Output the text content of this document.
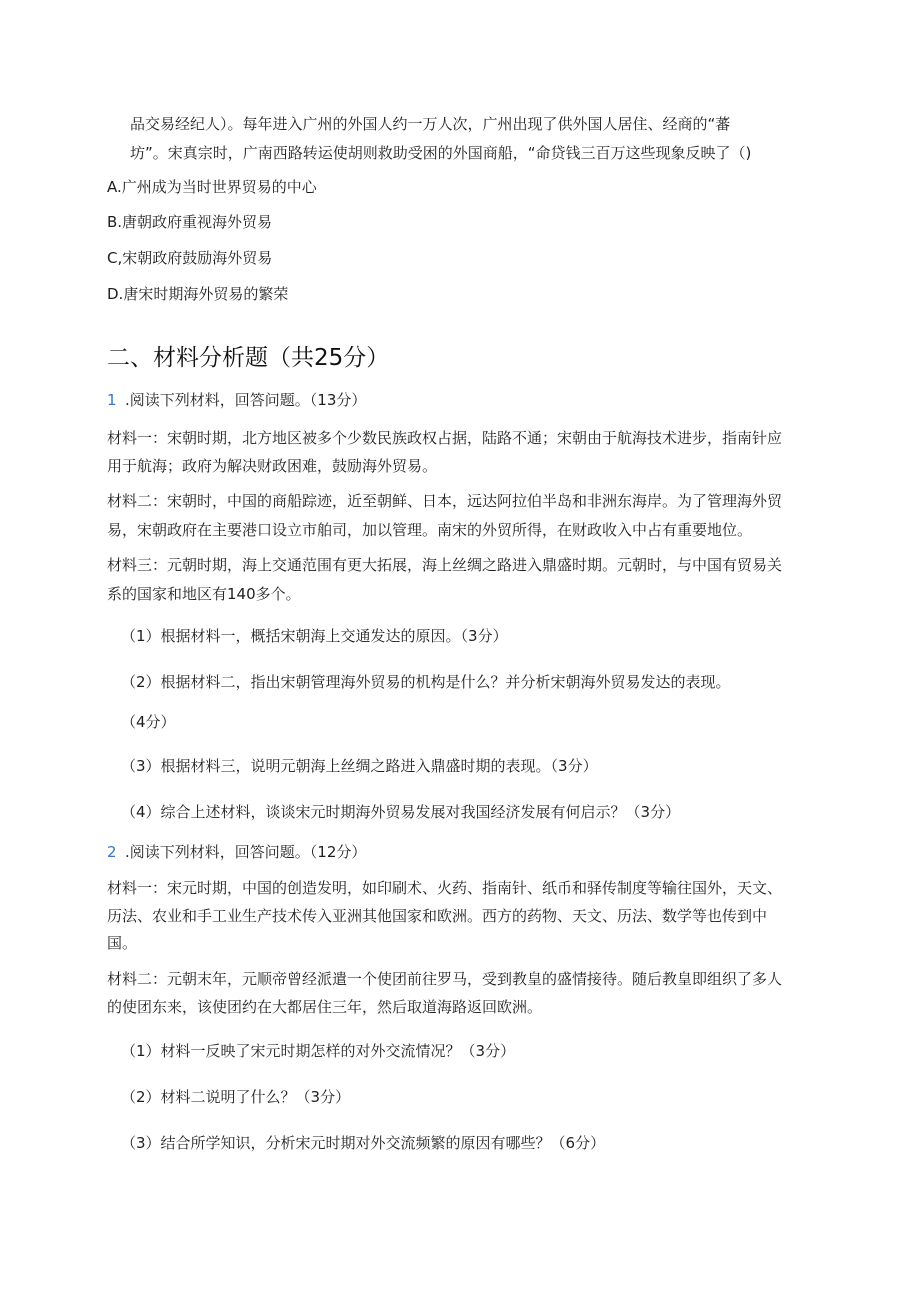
品交易经纪人）。每年进入广州的外国人约一万人次，广州出现了供外国人居住、经商的“蕃
坊”。宋真宗时，广南西路转运使胡则救助受困的外国商船，“命贷钱三百万这些现象反映了（)
A.广州成为当时世界贸易的中心
B.唐朝政府重视海外贸易
C,宋朝政府鼓励海外贸易
D.唐宋时期海外贸易的繁荣
二、材料分析题（共25分）
1 .阅读下列材料，回答问题。（13分）
材料一：宋朝时期，北方地区被多个少数民族政权占据，陆路不通；宋朝由于航海技术进步，指南针应
用于航海；政府为解决财政困难，鼓励海外贸易。
材料二：宋朝时，中国的商船踪迹，近至朝鲜、日本，远达阿拉伯半岛和非洲东海岸。为了管理海外贸
易，宋朝政府在主要港口设立市舶司，加以管理。南宋的外贸所得，在财政收入中占有重要地位。
材料三：元朝时期，海上交通范围有更大拓展，海上丝绸之路进入鼎盛时期。元朝时，与中国有贸易关
系的国家和地区有140多个。
（1）根据材料一，概括宋朝海上交通发达的原因。（3分）
（2）根据材料二，指出宋朝管理海外贸易的机构是什么？并分析宋朝海外贸易发达的表现。
（4分）
（3）根据材料三，说明元朝海上丝绸之路进入鼎盛时期的表现。（3分）
（4）综合上述材料，谈谈宋元时期海外贸易发展对我国经济发展有何启示？（3分）
2 .阅读下列材料，回答问题。（12分）
材料一：宋元时期，中国的创造发明，如印刷术、火药、指南针、纸币和驿传制度等输往国外，天文、
历法、农业和手工业生产技术传入亚洲其他国家和欧洲。西方的药物、天文、历法、数学等也传到中
国。
材料二：元朝末年，元顺帝曾经派遣一个使团前往罗马，受到教皇的盛情接待。随后教皇即组织了多人
的使团东来，该使团约在大都居住三年，然后取道海路返回欧洲。
（1）材料一反映了宋元时期怎样的对外交流情况？（3分）
（2）材料二说明了什么？（3分）
（3）结合所学知识，分析宋元时期对外交流频繁的原因有哪些？（6分）
